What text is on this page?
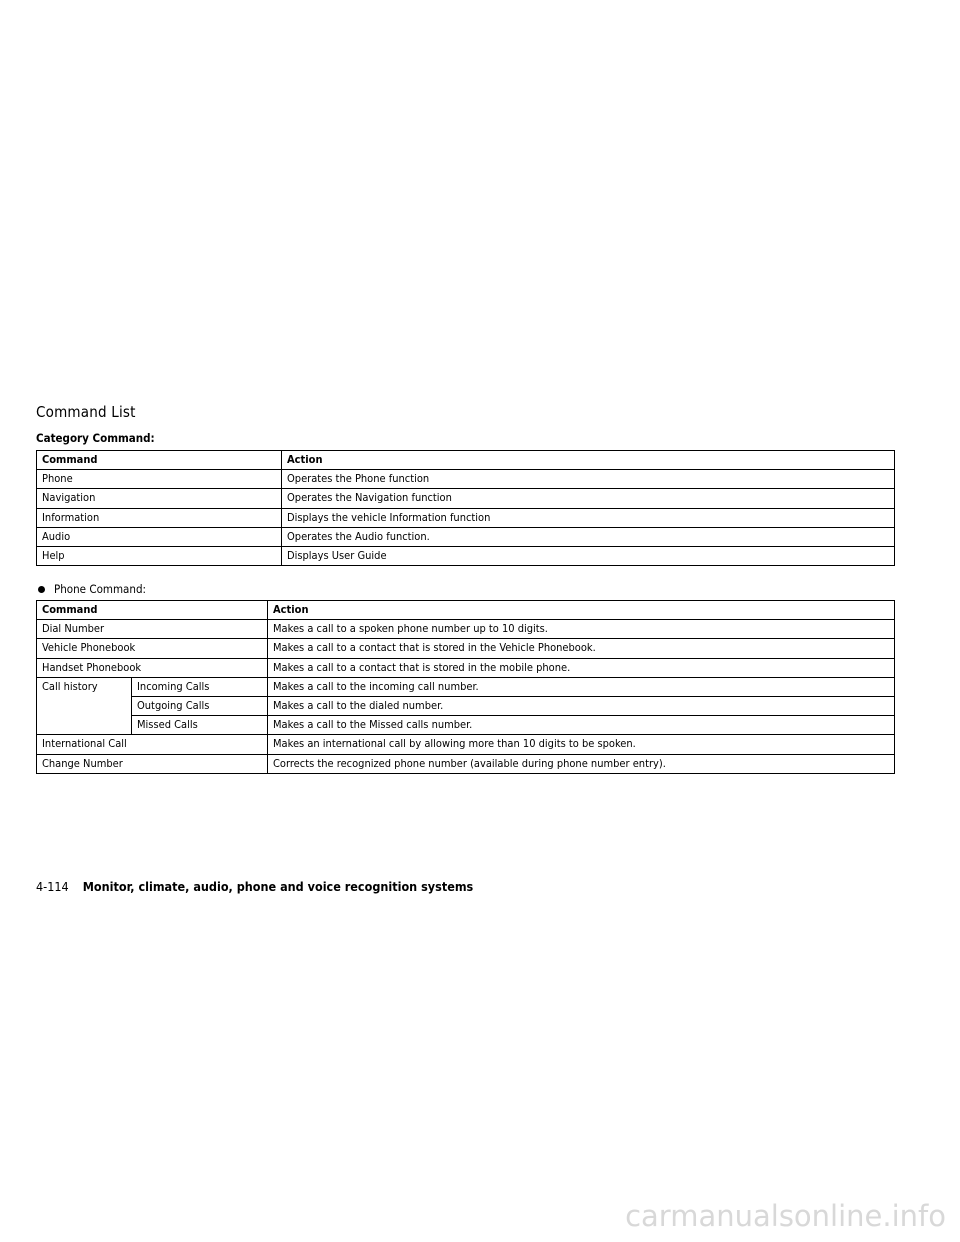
Command List
Category Command:
Command	Action
Phone	Operates the Phone function
Navigation	Operates the Navigation function
Information	Displays the vehicle Information function
Audio	Operates the Audio function.
Help	Displays User Guide
Phone Command:
Command		Action
Dial Number		Makes a call to a spoken phone number up to 10 digits.
Vehicle Phonebook		Makes a call to a contact that is stored in the Vehicle Phonebook.
Handset Phonebook		Makes a call to a contact that is stored in the mobile phone.
Call history	Incoming Calls	Makes a call to the incoming call number.
	Outgoing Calls	Makes a call to the dialed number.
	Missed Calls	Makes a call to the Missed calls number.
International Call		Makes an international call by allowing more than 10 digits to be spoken.
Change Number		Corrects the recognized phone number (available during phone number entry).
4-114 Monitor, climate, audio, phone and voice recognition systems
carmanualsonline.info
